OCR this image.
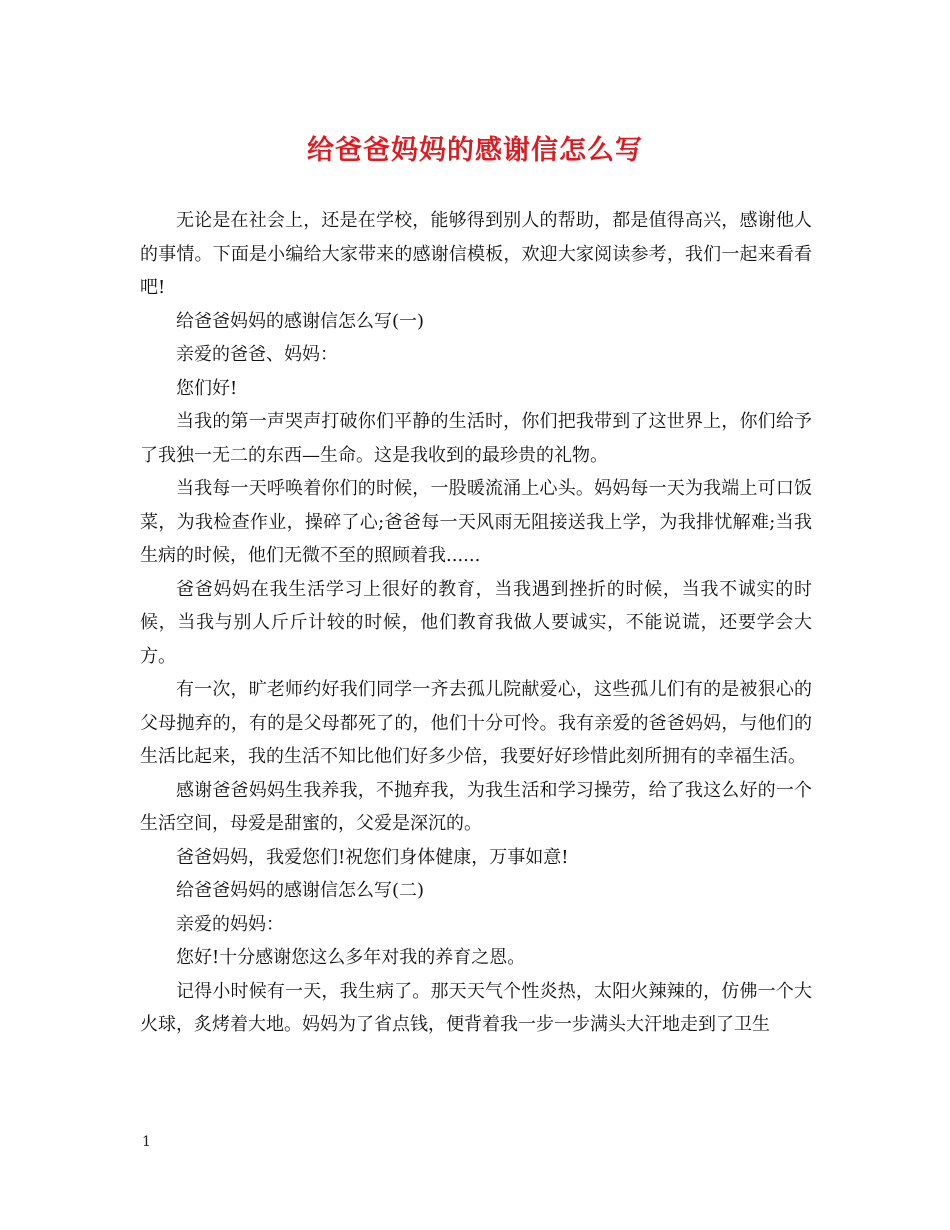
给爸爸妈妈的感谢信怎么写

无论是在社会上，还是在学校，能够得到别人的帮助，都是值得高兴，感谢他人的事情。下面是小编给大家带来的感谢信模板，欢迎大家阅读参考，我们一起来看看吧!

给爸爸妈妈的感谢信怎么写(一)

亲爱的爸爸、妈妈：

您们好!

当我的第一声哭声打破你们平静的生活时，你们把我带到了这世界上，你们给予了我独一无二的东西—生命。这是我收到的最珍贵的礼物。

当我每一天呼唤着你们的时候，一股暖流涌上心头。妈妈每一天为我端上可口饭菜，为我检查作业，操碎了心;爸爸每一天风雨无阻接送我上学，为我排忧解难;当我生病的时候，他们无微不至的照顾着我......

爸爸妈妈在我生活学习上很好的教育，当我遇到挫折的时候，当我不诚实的时候，当我与别人斤斤计较的时候，他们教育我做人要诚实，不能说谎，还要学会大方。

有一次，旷老师约好我们同学一齐去孤儿院献爱心，这些孤儿们有的是被狠心的父母抛弃的，有的是父母都死了的，他们十分可怜。我有亲爱的爸爸妈妈，与他们的生活比起来，我的生活不知比他们好多少倍，我要好好珍惜此刻所拥有的幸福生活。

感谢爸爸妈妈生我养我，不抛弃我，为我生活和学习操劳，给了我这么好的一个生活空间，母爱是甜蜜的，父爱是深沉的。

爸爸妈妈，我爱您们!祝您们身体健康，万事如意!

给爸爸妈妈的感谢信怎么写(二)

亲爱的妈妈：

您好!十分感谢您这么多年对我的养育之恩。

记得小时候有一天，我生病了。那天天气个性炎热，太阳火辣辣的，仿佛一个大火球，炙烤着大地。妈妈为了省点钱，便背着我一步一步满头大汗地走到了卫生

1
